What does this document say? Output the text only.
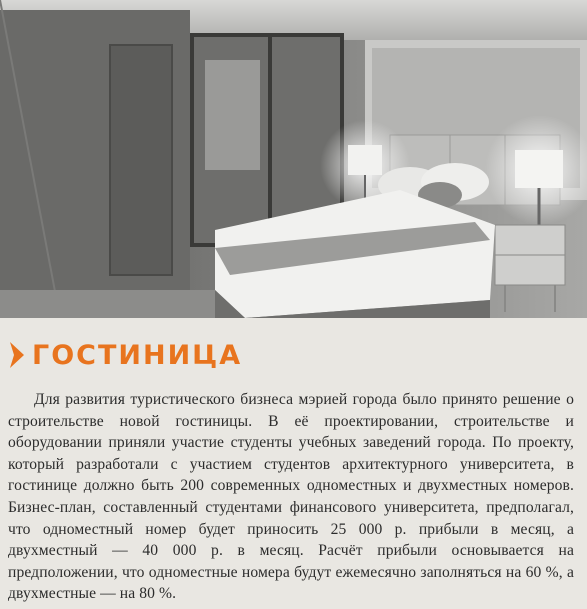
ГОСТИНИЦА

Для развития туристического бизнеса мэрией города было принято решение о строительстве новой гостиницы. В её проектировании, строительстве и оборудовании приняли участие студенты учебных заведений города. По проекту, который разработали с участием студентов архитектурного университета, в гостинице должно быть 200 современных одноместных и двухместных номеров. Бизнес-план, составленный студентами финансового университета, предполагал, что одноместный номер будет приносить 25 000 р. прибыли в месяц, а двухместный — 40 000 р. в месяц. Расчёт прибыли основывается на предположении, что одноместные номера будут ежемесячно заполняться на 60 %, а двухместные — на 80 %.
